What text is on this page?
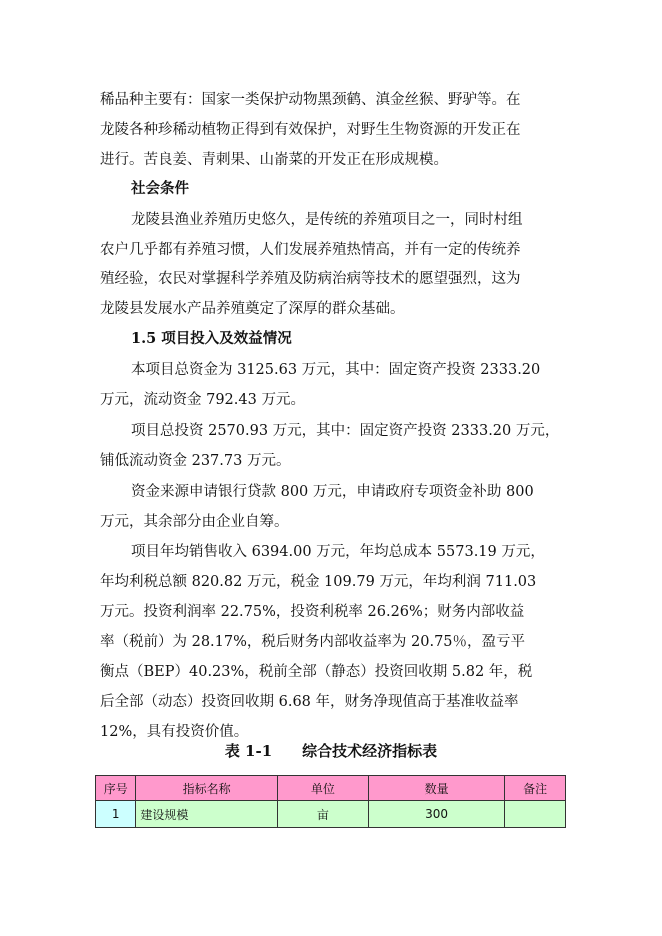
稀品种主要有：国家一类保护动物黑颈鹤、滇金丝猴、野驴等。在
龙陵各种珍稀动植物正得到有效保护，对野生生物资源的开发正在
进行。苦良姜、青刺果、山嵛菜的开发正在形成规模。
社会条件
龙陵县渔业养殖历史悠久，是传统的养殖项目之一，同时村组
农户几乎都有养殖习惯，人们发展养殖热情高，并有一定的传统养
殖经验，农民对掌握科学养殖及防病治病等技术的愿望强烈，这为
龙陵县发展水产品养殖奠定了深厚的群众基础。
1.5 项目投入及效益情况
本项目总资金为 3125.63 万元，其中：固定资产投资 2333.20
万元，流动资金 792.43 万元。
项目总投资 2570.93 万元，其中：固定资产投资 2333.20 万元，
铺低流动资金 237.73 万元。
资金来源申请银行贷款 800 万元，申请政府专项资金补助 800
万元，其余部分由企业自筹。
项目年均销售收入 6394.00 万元，年均总成本 5573.19 万元，
年均利税总额 820.82 万元，税金 109.79 万元，年均利润 711.03
万元。投资利润率 22.75%，投资利税率 26.26%；财务内部收益
率（税前）为 28.17%，税后财务内部收益率为 20.75％，盈亏平
衡点（BEP）40.23%，税前全部（静态）投资回收期 5.82 年，税
后全部（动态）投资回收期 6.68 年，财务净现值高于基准收益率
12%，具有投资价值。
表 1-1 综合技术经济指标表
序号	指标名称	单位	数量	备注
1	建设规模	亩	300	
